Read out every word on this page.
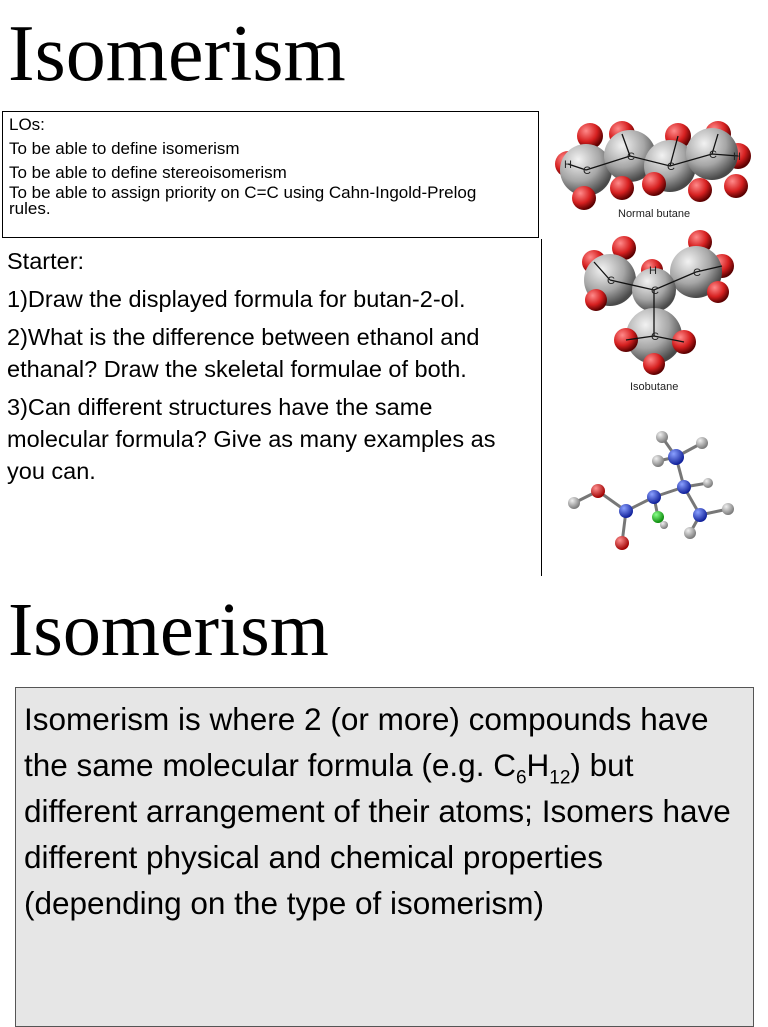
Isomerism
LOs:
To be able to define isomerism
To be able to define stereoisomerism
To be able to assign priority on C=C using Cahn-Ingold-Prelog rules.

Starter:

1)Draw the displayed formula for butan-2-ol.

2)What is the difference between ethanol and ethanal? Draw the skeletal formulae of both.

3)Can different structures have the same molecular formula? Give as many examples as you can.

C
C
C
C
H
H
Normal butane
C
C
C
C
H
Isobutane
Isomerism
Isomerism is where 2 (or more) compounds have the same molecular formula (e.g. $C_6H_{12}$) but different arrangement of their atoms; Isomers have different physical and chemical properties (depending on the type of isomerism)
